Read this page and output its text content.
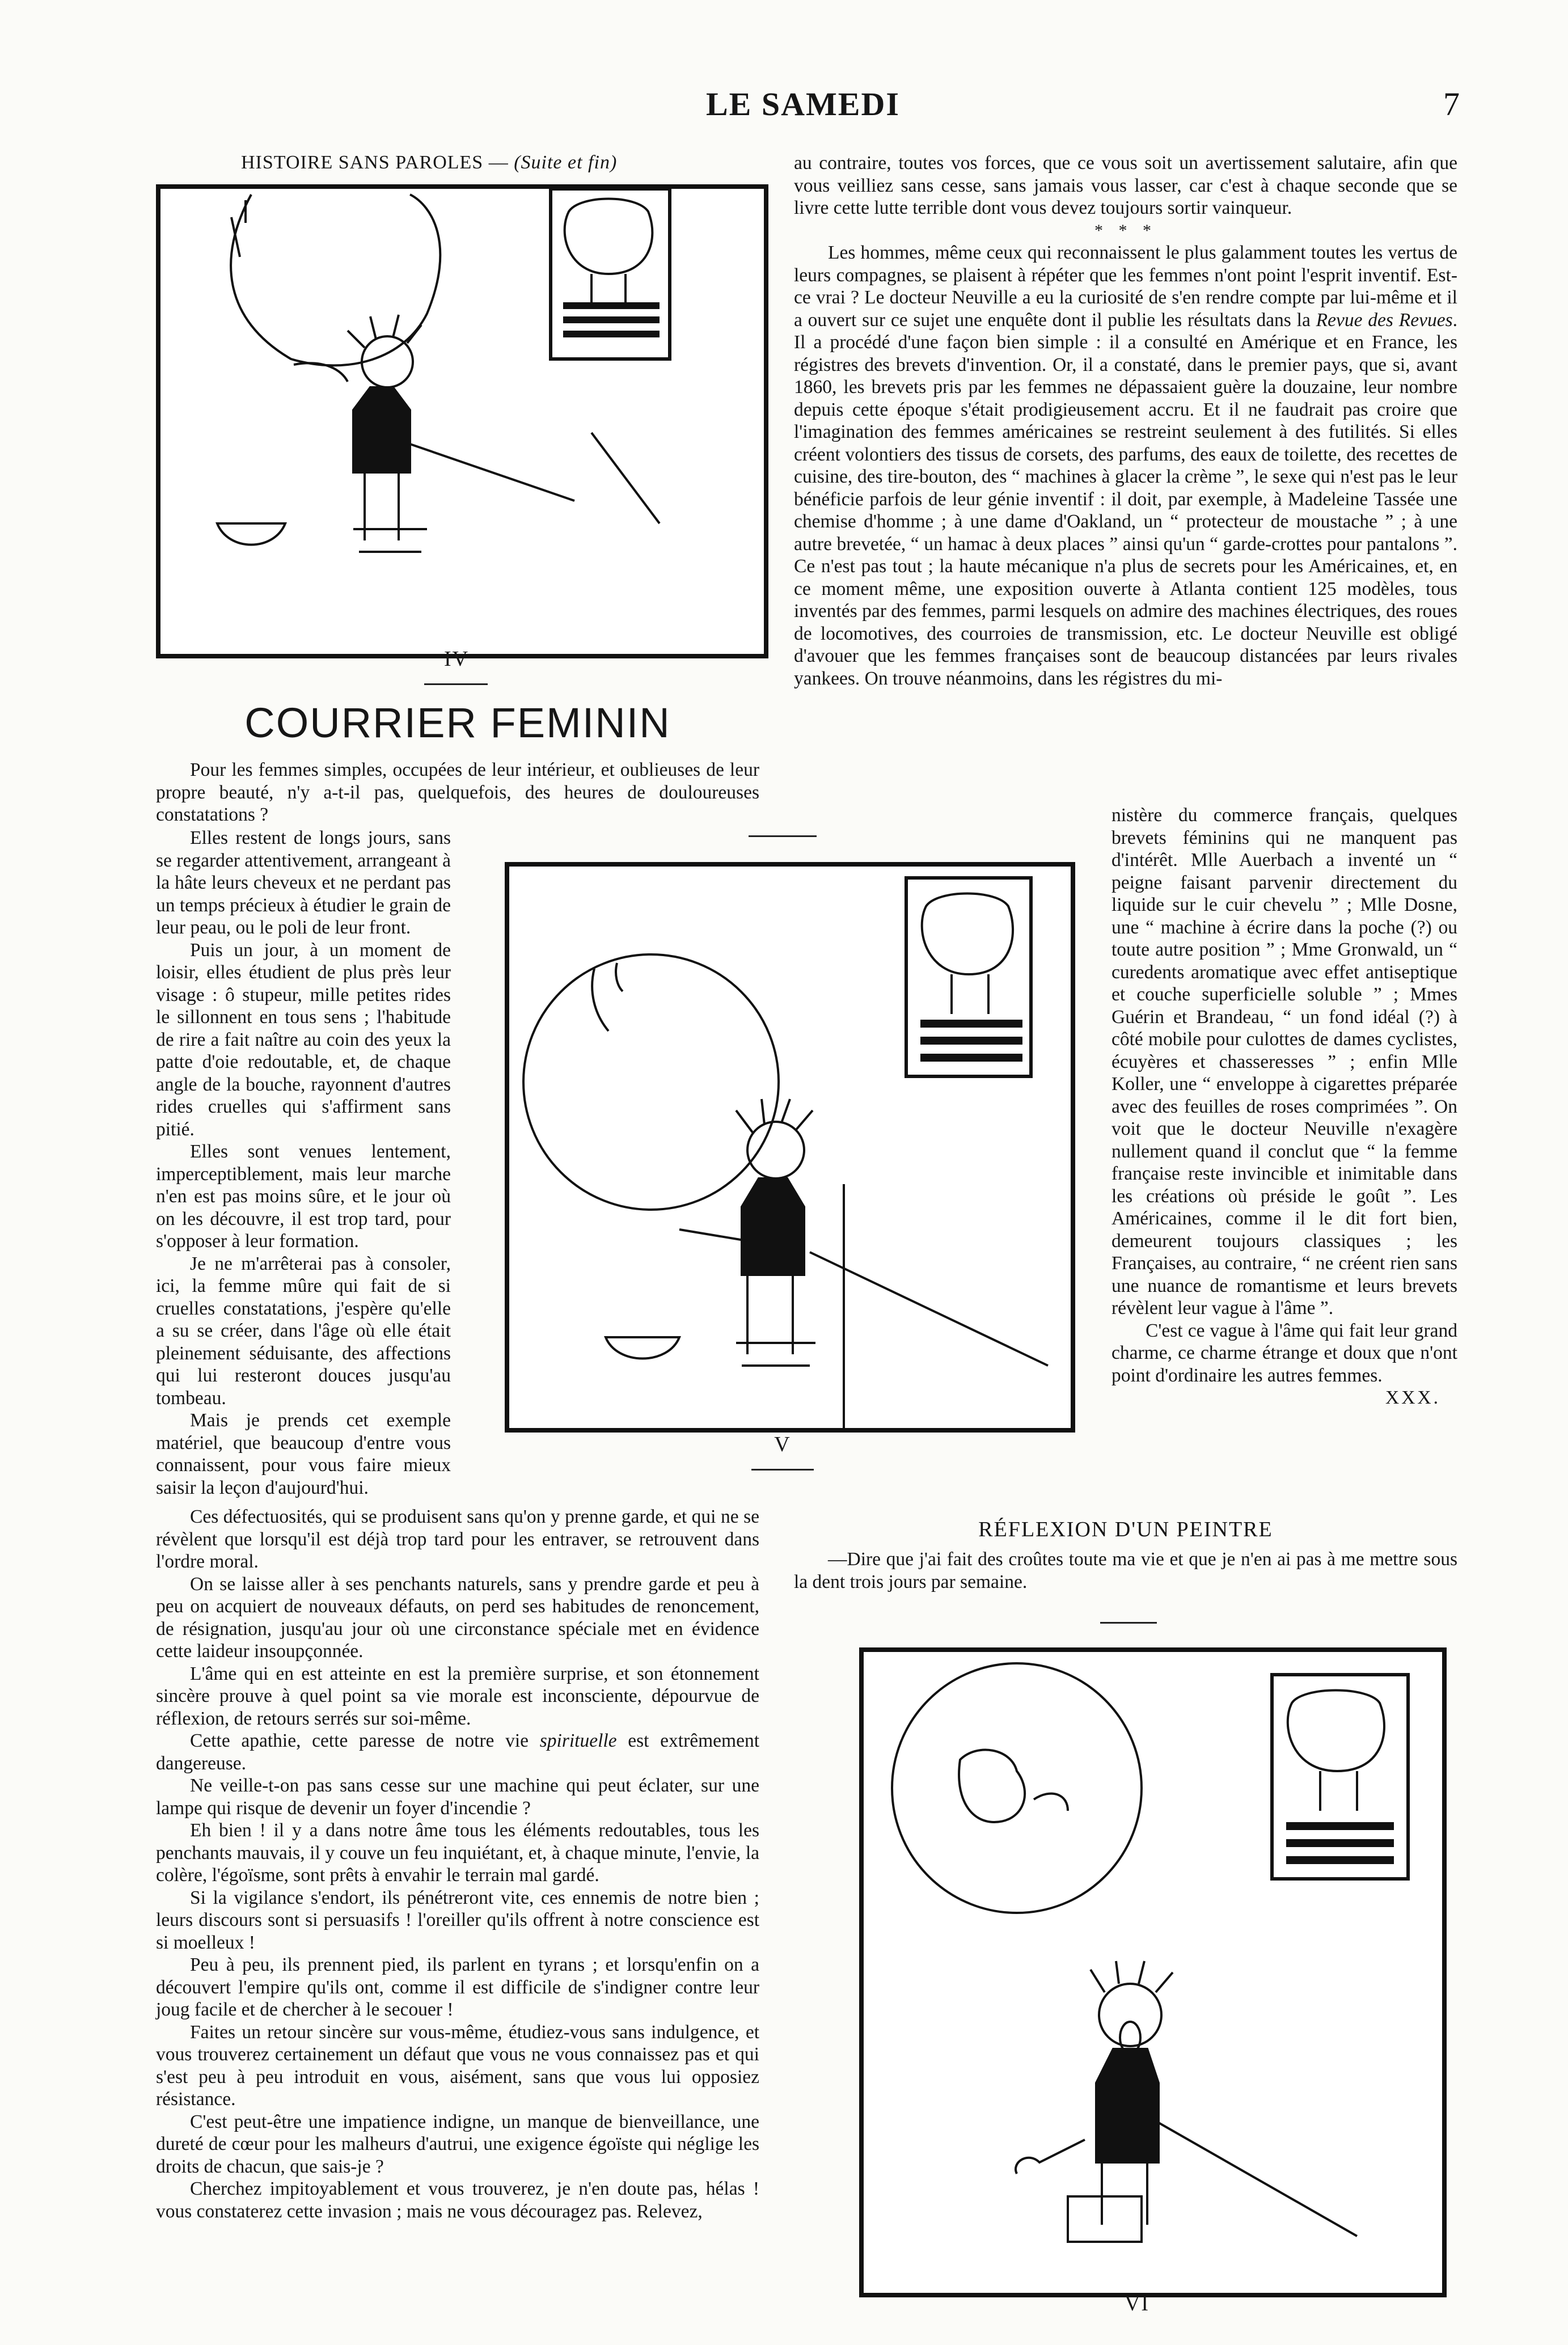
LE SAMEDI	7
HISTOIRE SANS PAROLES — (Suite et fin)
IV
COURRIER FEMININ

Pour les femmes simples, occupées de leur intérieur, et oublieuses de leur propre beauté, n'y a-t-il pas, quelquefois, des heures de douloureuses constatations ?

Elles restent de longs jours, sans se regarder attentivement, arrangeant à la hâte leurs cheveux et ne perdant pas un temps précieux à étudier le grain de leur peau, ou le poli de leur front.

Puis un jour, à un moment de loisir, elles étudient de plus près leur visage : ô stupeur, mille petites rides le sillonnent en tous sens ; l'habitude de rire a fait naître au coin des yeux la patte d'oie redoutable, et, de chaque angle de la bouche, rayonnent d'autres rides cruelles qui s'affirment sans pitié.

Elles sont venues lentement, imperceptiblement, mais leur marche n'en est pas moins sûre, et le jour où on les découvre, il est trop tard, pour s'opposer à leur formation.

Je ne m'arrêterai pas à consoler, ici, la femme mûre qui fait de si cruelles constatations, j'espère qu'elle a su se créer, dans l'âge où elle était pleinement séduisante, des affections qui lui resteront douces jusqu'au tombeau.

Mais je prends cet exemple matériel, que beaucoup d'entre vous connaissent, pour vous faire mieux saisir la leçon d'aujourd'hui.

V

Ces défectuosités, qui se produisent sans qu'on y prenne garde, et qui ne se révèlent que lorsqu'il est déjà trop tard pour les entraver, se retrouvent dans l'ordre moral.

On se laisse aller à ses penchants naturels, sans y prendre garde et peu à peu on acquiert de nouveaux défauts, on perd ses habitudes de renoncement, de résignation, jusqu'au jour où une circonstance spéciale met en évidence cette laideur insoupçonnée.

L'âme qui en est atteinte en est la première surprise, et son étonnement sincère prouve à quel point sa vie morale est inconsciente, dépourvue de réflexion, de retours serrés sur soi-même.

Cette apathie, cette paresse de notre vie spirituelle est extrêmement dangereuse.

Ne veille-t-on pas sans cesse sur une machine qui peut éclater, sur une lampe qui risque de devenir un foyer d'incendie ?

Eh bien ! il y a dans notre âme tous les éléments redoutables, tous les penchants mauvais, il y couve un feu inquiétant, et, à chaque minute, l'envie, la colère, l'égoïsme, sont prêts à envahir le terrain mal gardé.

Si la vigilance s'endort, ils pénétreront vite, ces ennemis de notre bien ; leurs discours sont si persuasifs ! l'oreiller qu'ils offrent à notre conscience est si moelleux !

Peu à peu, ils prennent pied, ils parlent en tyrans ; et lorsqu'enfin on a découvert l'empire qu'ils ont, comme il est difficile de s'indigner contre leur joug facile et de chercher à le secouer !

Faites un retour sincère sur vous-même, étudiez-vous sans indulgence, et vous trouverez certainement un défaut que vous ne vous connaissez pas et qui s'est peu à peu introduit en vous, aisément, sans que vous lui opposiez résistance.

C'est peut-être une impatience indigne, un manque de bienveillance, une dureté de cœur pour les malheurs d'autrui, une exigence égoïste qui néglige les droits de chacun, que sais-je ?

Cherchez impitoyablement et vous trouverez, je n'en doute pas, hélas ! vous constaterez cette invasion ; mais ne vous découragez pas. Relevez,

au contraire, toutes vos forces, que ce vous soit un avertissement salutaire, afin que vous veilliez sans cesse, sans jamais vous lasser, car c'est à chaque seconde que se livre cette lutte terrible dont vous devez toujours sortir vainqueur.

* * *

Les hommes, même ceux qui reconnaissent le plus galamment toutes les vertus de leurs compagnes, se plaisent à répéter que les femmes n'ont point l'esprit inventif. Est-ce vrai ? Le docteur Neuville a eu la curiosité de s'en rendre compte par lui-même et il a ouvert sur ce sujet une enquête dont il publie les résultats dans la Revue des Revues. Il a procédé d'une façon bien simple : il a consulté en Amérique et en France, les régistres des brevets d'invention. Or, il a constaté, dans le premier pays, que si, avant 1860, les brevets pris par les femmes ne dépassaient guère la douzaine, leur nombre depuis cette époque s'était prodigieusement accru. Et il ne faudrait pas croire que l'imagination des femmes américaines se restreint seulement à des futilités. Si elles créent volontiers des tissus de corsets, des parfums, des eaux de toilette, des recettes de cuisine, des tire-bouton, des “ machines à glacer la crème ”, le sexe qui n'est pas le leur bénéficie parfois de leur génie inventif : il doit, par exemple, à Madeleine Tassée une chemise d'homme ; à une dame d'Oakland, un “ protecteur de moustache ” ; à une autre brevetée, “ un hamac à deux places ” ainsi qu'un “ garde-crottes pour pantalons ”. Ce n'est pas tout ; la haute mécanique n'a plus de secrets pour les Américaines, et, en ce moment même, une exposition ouverte à Atlanta contient 125 modèles, tous inventés par des femmes, parmi lesquels on admire des machines électriques, des roues de locomotives, des courroies de transmission, etc. Le docteur Neuville est obligé d'avouer que les femmes françaises sont de beaucoup distancées par leurs rivales yankees. On trouve néanmoins, dans les régistres du mi-

nistère du commerce français, quelques brevets féminins qui ne manquent pas d'intérêt. Mlle Auerbach a inventé un “ peigne faisant parvenir directement du liquide sur le cuir chevelu ” ; Mlle Dosne, une “ machine à écrire dans la poche (?) ou toute autre position ” ; Mme Gronwald, un “ curedents aromatique avec effet antiseptique et couche superficielle soluble ” ; Mmes Guérin et Brandeau, “ un fond idéal (?) à côté mobile pour culottes de dames cyclistes, écuyères et chasseresses ” ; enfin Mlle Koller, une “ enveloppe à cigarettes préparée avec des feuilles de roses comprimées ”. On voit que le docteur Neuville n'exagère nullement quand il conclut que “ la femme française reste invincible et inimitable dans les créations où préside le goût ”. Les Américaines, comme il le dit fort bien, demeurent toujours classiques ; les Françaises, au contraire, “ ne créent rien sans une nuance de romantisme et leurs brevets révèlent leur vague à l'âme ”.

C'est ce vague à l'âme qui fait leur grand charme, ce charme étrange et doux que n'ont point d'ordinaire les autres femmes.

XXX.
RÉFLEXION D'UN PEINTRE

—Dire que j'ai fait des croûtes toute ma vie et que je n'en ai pas à me mettre sous la dent trois jours par semaine.

VI
